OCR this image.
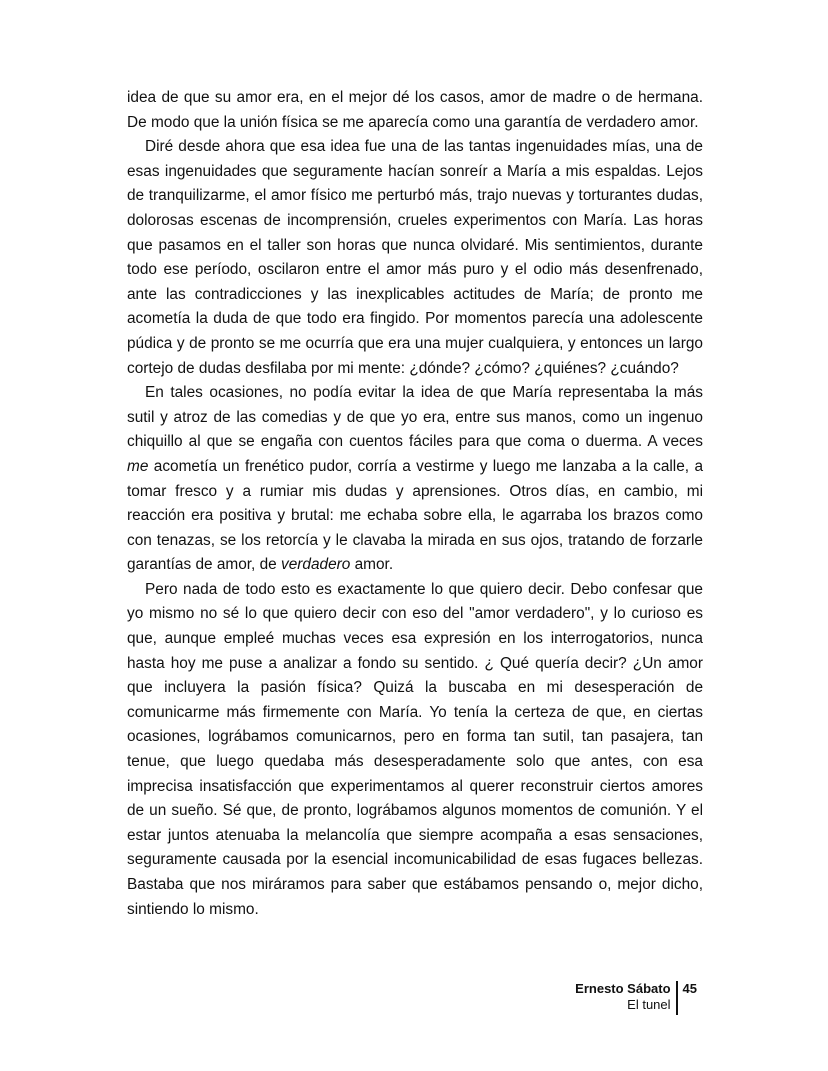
idea de que su amor era, en el mejor dé los casos, amor de madre o de hermana. De modo que la unión física se me aparecía como una garantía de verdadero amor.

Diré desde ahora que esa idea fue una de las tantas ingenuidades mías, una de esas ingenuidades que seguramente hacían sonreír a María a mis espaldas. Lejos de tranquilizarme, el amor físico me perturbó más, trajo nuevas y torturantes dudas, dolorosas escenas de incomprensión, crueles experimentos con María. Las horas que pasamos en el taller son horas que nunca olvidaré. Mis sentimientos, durante todo ese período, oscilaron entre el amor más puro y el odio más desenfrenado, ante las contradicciones y las inexplicables actitudes de María; de pronto me acometía la duda de que todo era fingido. Por momentos parecía una adolescente púdica y de pronto se me ocurría que era una mujer cualquiera, y entonces un largo cortejo de dudas desfilaba por mi mente: ¿dónde? ¿cómo? ¿quiénes? ¿cuándo?

En tales ocasiones, no podía evitar la idea de que María representaba la más sutil y atroz de las comedias y de que yo era, entre sus manos, como un ingenuo chiquillo al que se engaña con cuentos fáciles para que coma o duerma. A veces me acometía un frenético pudor, corría a vestirme y luego me lanzaba a la calle, a tomar fresco y a rumiar mis dudas y aprensiones. Otros días, en cambio, mi reacción era positiva y brutal: me echaba sobre ella, le agarraba los brazos como con tenazas, se los retorcía y le clavaba la mirada en sus ojos, tratando de forzarle garantías de amor, de verdadero amor.

Pero nada de todo esto es exactamente lo que quiero decir. Debo confesar que yo mismo no sé lo que quiero decir con eso del "amor verdadero", y lo curioso es que, aunque empleé muchas veces esa expresión en los interrogatorios, nunca hasta hoy me puse a analizar a fondo su sentido. ¿ Qué quería decir? ¿Un amor que incluyera la pasión física? Quizá la buscaba en mi desesperación de comunicarme más firmemente con María. Yo tenía la certeza de que, en ciertas ocasiones, lográbamos comunicarnos, pero en forma tan sutil, tan pasajera, tan tenue, que luego quedaba más desesperadamente solo que antes, con esa imprecisa insatisfacción que experimentamos al querer reconstruir ciertos amores de un sueño. Sé que, de pronto, lográbamos algunos momentos de comunión. Y el estar juntos atenuaba la melancolía que siempre acompaña a esas sensaciones, seguramente causada por la esencial incomunicabilidad de esas fugaces bellezas. Bastaba que nos miráramos para saber que estábamos pensando o, mejor dicho, sintiendo lo mismo.

Ernesto Sábato
El tunel
45
